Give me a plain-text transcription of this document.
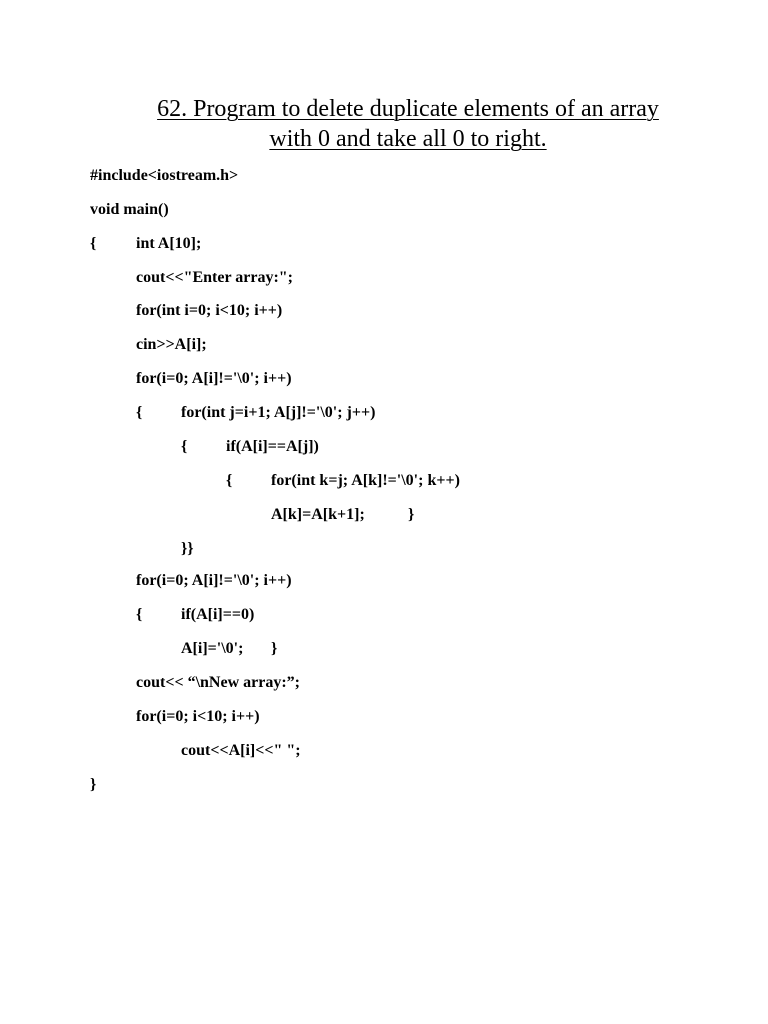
62. Program to delete duplicate elements of an array
with 0 and take all 0 to right.
#include<iostream.h>
void main()
{ int A[10];
cout<<"Enter array:";
for(int i=0; i<10; i++)
cin>>A[i];
for(i=0; A[i]!='\0'; i++)
{ for(int j=i+1; A[j]!='\0'; j++)
{ if(A[i]==A[j])
{ for(int k=j; A[k]!='\0'; k++)
A[k]=A[k+1];	}
}}
for(i=0; A[i]!='\0'; i++)
{ if(A[i]==0)
A[i]='\0'; }
cout<< “\nNew array:”;
for(i=0; i<10; i++)
cout<<A[i]<<" ";
}
